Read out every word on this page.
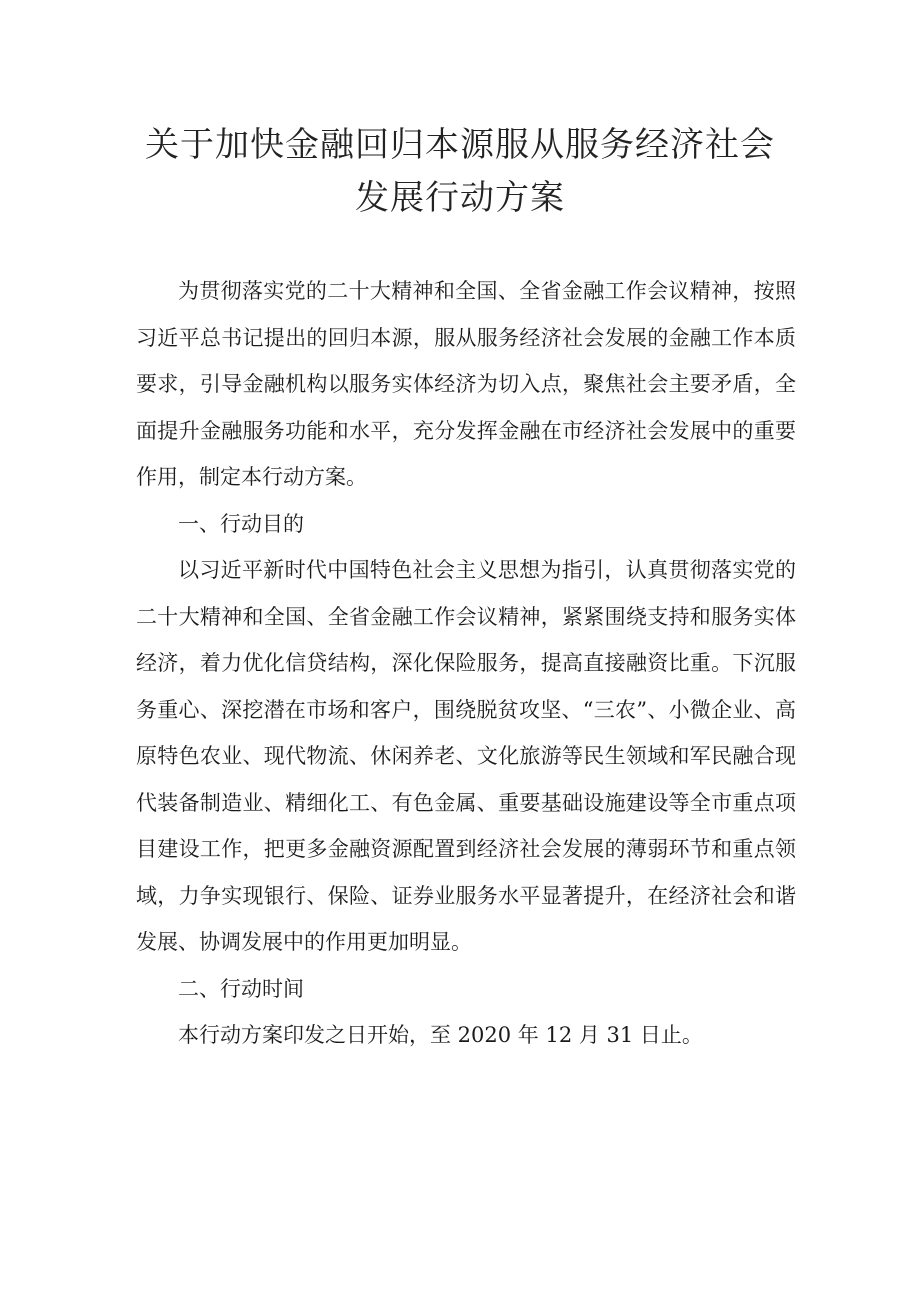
关于加快金融回归本源服从服务经济社会
发展行动方案

为贯彻落实党的二十大精神和全国、全省金融工作会议精神，按照习近平总书记提出的回归本源，服从服务经济社会发展的金融工作本质要求，引导金融机构以服务实体经济为切入点，聚焦社会主要矛盾，全面提升金融服务功能和水平，充分发挥金融在市经济社会发展中的重要作用，制定本行动方案。

一、行动目的

以习近平新时代中国特色社会主义思想为指引，认真贯彻落实党的二十大精神和全国、全省金融工作会议精神，紧紧围绕支持和服务实体经济，着力优化信贷结构，深化保险服务，提高直接融资比重。下沉服务重心、深挖潜在市场和客户，围绕脱贫攻坚、“三农”、小微企业、高原特色农业、现代物流、休闲养老、文化旅游等民生领域和军民融合现代装备制造业、精细化工、有色金属、重要基础设施建设等全市重点项目建设工作，把更多金融资源配置到经济社会发展的薄弱环节和重点领域，力争实现银行、保险、证券业服务水平显著提升，在经济社会和谐发展、协调发展中的作用更加明显。

二、行动时间

本行动方案印发之日开始，至 2020 年 12 月 31 日止。
